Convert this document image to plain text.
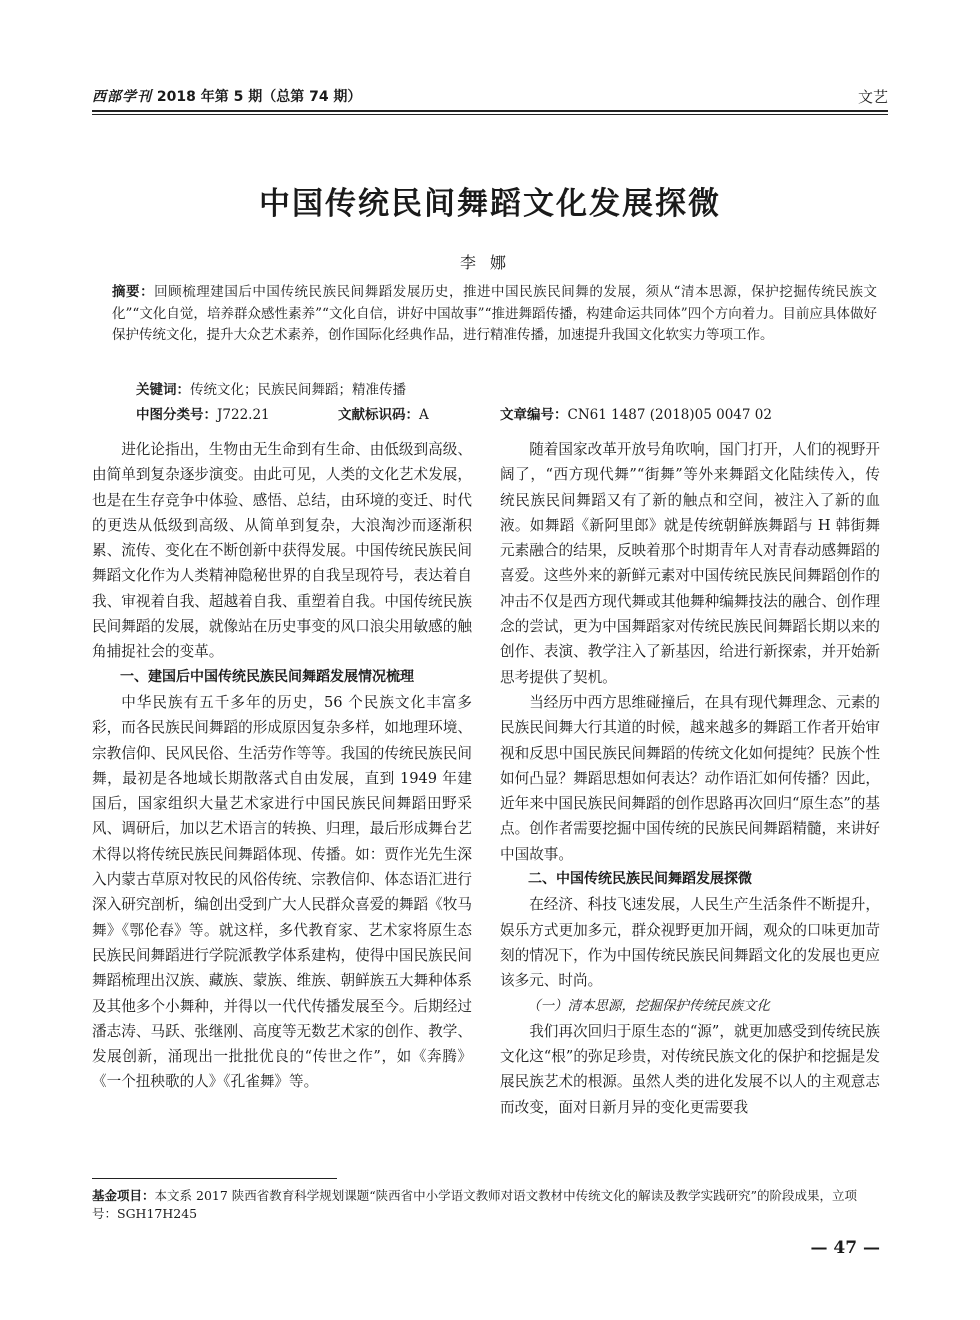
西部学刊 2018 年第 5 期（总第 74 期）	文艺
中国传统民间舞蹈文化发展探微
李娜
摘要：回顾梳理建国后中国传统民族民间舞蹈发展历史，推进中国民族民间舞的发展，须从“清本思源，保护挖掘传统民族文化”“文化自觉，培养群众感性素养”“文化自信，讲好中国故事”“推进舞蹈传播，构建命运共同体”四个方向着力。目前应具体做好保护传统文化，提升大众艺术素养，创作国际化经典作品，进行精准传播，加速提升我国文化软实力等项工作。
关键词：传统文化；民族民间舞蹈；精准传播
中图分类号：J722.21	文献标识码：A	文章编号：CN61 1487 (2018)05 0047 02

进化论指出，生物由无生命到有生命、由低级到高级、由简单到复杂逐步演变。由此可见，人类的文化艺术发展，也是在生存竞争中体验、感悟、总结，由环境的变迁、时代的更迭从低级到高级、从简单到复杂，大浪淘沙而逐渐积累、流传、变化在不断创新中获得发展。中国传统民族民间舞蹈文化作为人类精神隐秘世界的自我呈现符号，表达着自我、审视着自我、超越着自我、重塑着自我。中国传统民族民间舞蹈的发展，就像站在历史事变的风口浪尖用敏感的触角捕捉社会的变革。

一、建国后中国传统民族民间舞蹈发展情况梳理

中华民族有五千多年的历史，56 个民族文化丰富多彩，而各民族民间舞蹈的形成原因复杂多样，如地理环境、宗教信仰、民风民俗、生活劳作等等。我国的传统民族民间舞，最初是各地域长期散落式自由发展，直到 1949 年建国后，国家组织大量艺术家进行中国民族民间舞蹈田野采风、调研后，加以艺术语言的转换、归理，最后形成舞台艺术得以将传统民族民间舞蹈体现、传播。如：贾作光先生深入内蒙古草原对牧民的风俗传统、宗教信仰、体态语汇进行深入研究剖析，编创出受到广大人民群众喜爱的舞蹈《牧马舞》《鄂伦春》等。就这样，多代教育家、艺术家将原生态民族民间舞蹈进行学院派教学体系建构，使得中国民族民间舞蹈梳理出汉族、藏族、蒙族、维族、朝鲜族五大舞种体系及其他多个小舞种，并得以一代代传播发展至今。后期经过潘志涛、马跃、张继刚、高度等无数艺术家的创作、教学、发展创新，涌现出一批批优良的“传世之作”，如《奔腾》《一个扭秧歌的人》《孔雀舞》等。

随着国家改革开放号角吹响，国门打开，人们的视野开阔了，“西方现代舞”“街舞”等外来舞蹈文化陆续传入，传统民族民间舞蹈又有了新的触点和空间，被注入了新的血液。如舞蹈《新阿里郎》就是传统朝鲜族舞蹈与 H 韩街舞元素融合的结果，反映着那个时期青年人对青春动感舞蹈的喜爱。这些外来的新鲜元素对中国传统民族民间舞蹈创作的冲击不仅是西方现代舞或其他舞种编舞技法的融合、创作理念的尝试，更为中国舞蹈家对传统民族民间舞蹈长期以来的创作、表演、教学注入了新基因，给进行新探索，并开始新思考提供了契机。

当经历中西方思维碰撞后，在具有现代舞理念、元素的民族民间舞大行其道的时候，越来越多的舞蹈工作者开始审视和反思中国民族民间舞蹈的传统文化如何提纯？民族个性如何凸显？舞蹈思想如何表达？动作语汇如何传播？因此，近年来中国民族民间舞蹈的创作思路再次回归“原生态”的基点。创作者需要挖掘中国传统的民族民间舞蹈精髓，来讲好中国故事。

二、中国传统民族民间舞蹈发展探微

在经济、科技飞速发展，人民生产生活条件不断提升，娱乐方式更加多元，群众视野更加开阔，观众的口味更加苛刻的情况下，作为中国传统民族民间舞蹈文化的发展也更应该多元、时尚。

（一）清本思源，挖掘保护传统民族文化

我们再次回归于原生态的“源”，就更加感受到传统民族文化这“根”的弥足珍贵，对传统民族文化的保护和挖掘是发展民族艺术的根源。虽然人类的进化发展不以人的主观意志而改变，面对日新月异的变化更需要我

基金项目：本文系 2017 陕西省教育科学规划课题“陕西省中小学语文教师对语文教材中传统文化的解读及教学实践研究”的阶段成果，立项号：SGH17H245
— 47 —
